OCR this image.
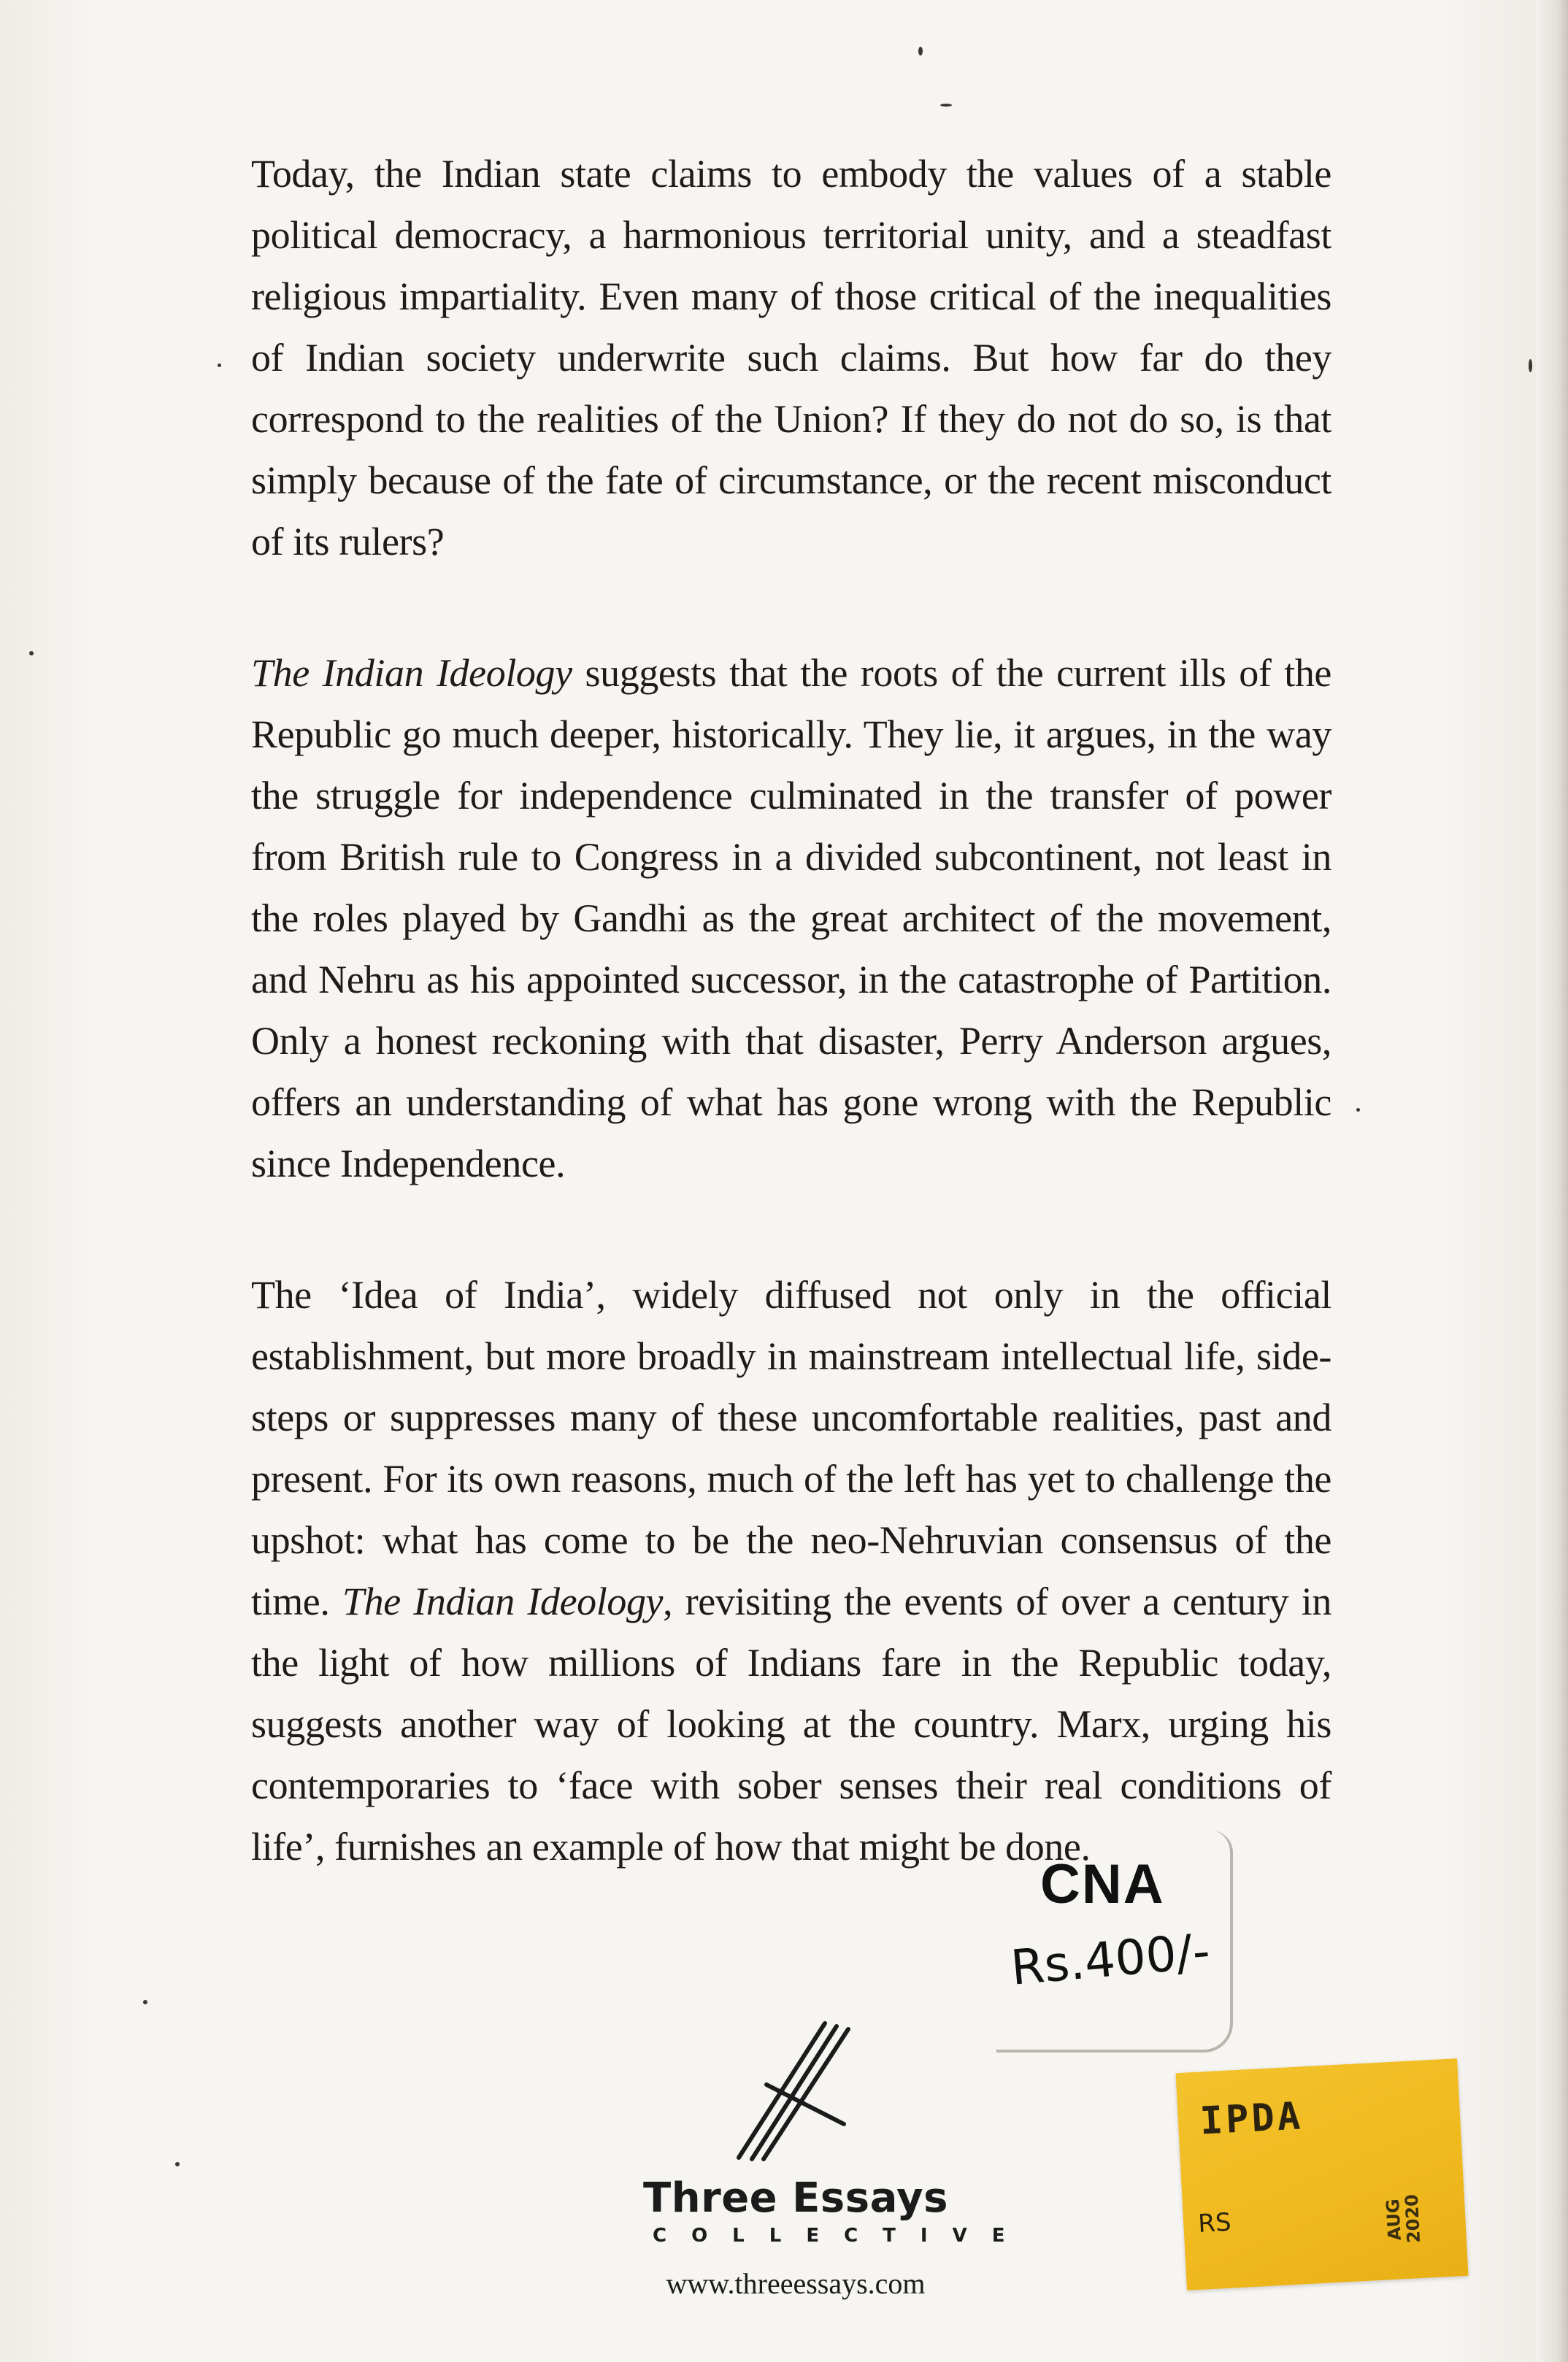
Today, the Indian state claims to embody the values of a stable political democracy, a harmonious territorial unity, and a steadfast religious impartiality. Even many of those critical of the inequalities of Indian society underwrite such claims. But how far do they correspond to the realities of the Union? If they do not do so, is that simply because of the fate of circumstance, or the recent misconduct of its rulers?

The Indian Ideology suggests that the roots of the current ills of the Republic go much deeper, historically. They lie, it argues, in the way the struggle for independence culminated in the transfer of power from British rule to Congress in a divided subcontinent, not least in the roles played by Gandhi as the great architect of the movement, and Nehru as his appointed successor, in the catastrophe of Partition. Only a honest reckoning with that disaster, Perry Anderson argues, offers an understanding of what has gone wrong with the Republic since Independence.

The ‘Idea of India’, widely diffused not only in the official establishment, but more broadly in mainstream intellectual life, side-steps or suppresses many of these uncomfortable realities, past and present. For its own reasons, much of the left has yet to challenge the upshot: what has come to be the neo-Nehruvian consensus of the time. The Indian Ideology, revisiting the events of over a century in the light of how millions of Indians fare in the Republic today, suggests another way of looking at the country. Marx, urging his contemporaries to ‘face with sober senses their real conditions of life’, furnishes an example of how that might be done.

CNA
Rs.400/-
IPDA
RS	AUG
2020
Three Essays
COLLECTIVE
www.threeessays.com
